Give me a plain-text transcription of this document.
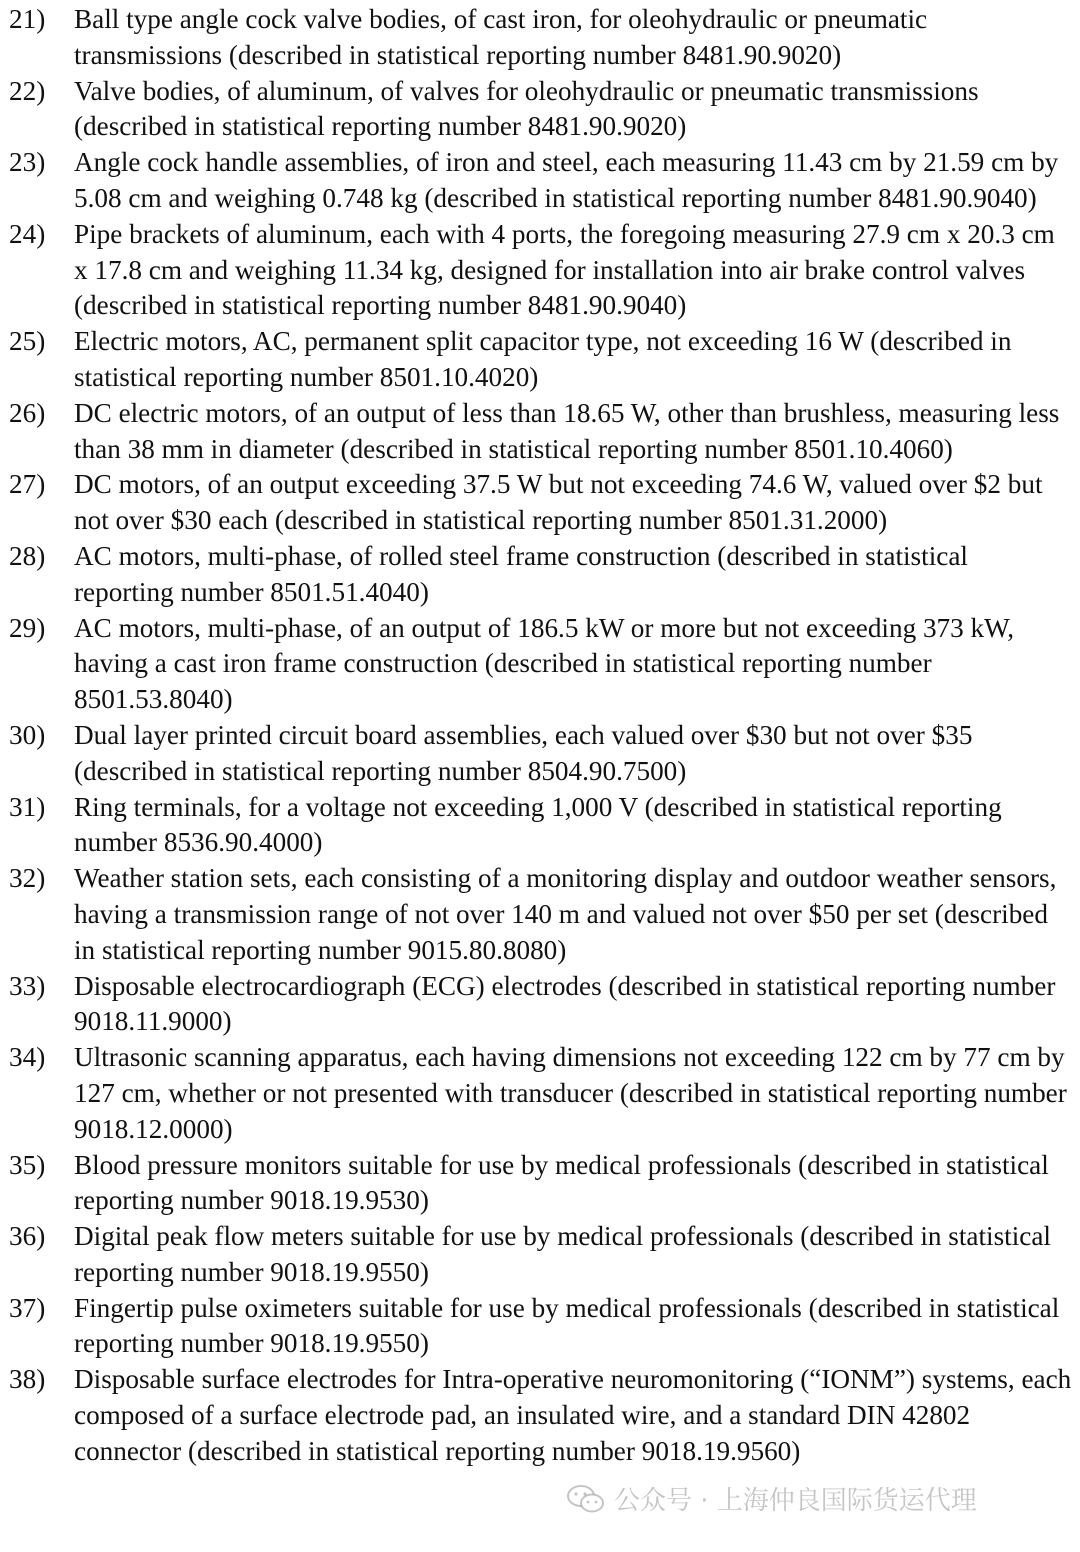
21)	Ball type angle cock valve bodies, of cast iron, for oleohydraulic or pneumatic transmissions (described in statistical reporting number 8481.90.9020)
22)	Valve bodies, of aluminum, of valves for oleohydraulic or pneumatic transmissions (described in statistical reporting number 8481.90.9020)
23)	Angle cock handle assemblies, of iron and steel, each measuring 11.43 cm by 21.59 cm by 5.08 cm and weighing 0.748 kg (described in statistical reporting number 8481.90.9040)
24)	Pipe brackets of aluminum, each with 4 ports, the foregoing measuring 27.9 cm x 20.3 cm x 17.8 cm and weighing 11.34 kg, designed for installation into air brake control valves (described in statistical reporting number 8481.90.9040)
25)	Electric motors, AC, permanent split capacitor type, not exceeding 16 W (described in statistical reporting number 8501.10.4020)
26)	DC electric motors, of an output of less than 18.65 W, other than brushless, measuring less than 38 mm in diameter (described in statistical reporting number 8501.10.4060)
27)	DC motors, of an output exceeding 37.5 W but not exceeding 74.6 W, valued over $2 but not over $30 each (described in statistical reporting number 8501.31.2000)
28)	AC motors, multi-phase, of rolled steel frame construction (described in statistical reporting number 8501.51.4040)
29)	AC motors, multi-phase, of an output of 186.5 kW or more but not exceeding 373 kW, having a cast iron frame construction (described in statistical reporting number 8501.53.8040)
30)	Dual layer printed circuit board assemblies, each valued over $30 but not over $35 (described in statistical reporting number 8504.90.7500)
31)	Ring terminals, for a voltage not exceeding 1,000 V (described in statistical reporting number 8536.90.4000)
32)	Weather station sets, each consisting of a monitoring display and outdoor weather sensors, having a transmission range of not over 140 m and valued not over $50 per set (described in statistical reporting number 9015.80.8080)
33)	Disposable electrocardiograph (ECG) electrodes (described in statistical reporting number 9018.11.9000)
34)	Ultrasonic scanning apparatus, each having dimensions not exceeding 122 cm by 77 cm by 127 cm, whether or not presented with transducer (described in statistical reporting number 9018.12.0000)
35)	Blood pressure monitors suitable for use by medical professionals (described in statistical reporting number 9018.19.9530)
36)	Digital peak flow meters suitable for use by medical professionals (described in statistical reporting number 9018.19.9550)
37)	Fingertip pulse oximeters suitable for use by medical professionals (described in statistical reporting number 9018.19.9550)
38)	Disposable surface electrodes for Intra-operative neuromonitoring (“IONM”) systems, each composed of a surface electrode pad, an insulated wire, and a standard DIN 42802 connector (described in statistical reporting number 9018.19.9560)
公众号 · 上海仲良国际货运代理
